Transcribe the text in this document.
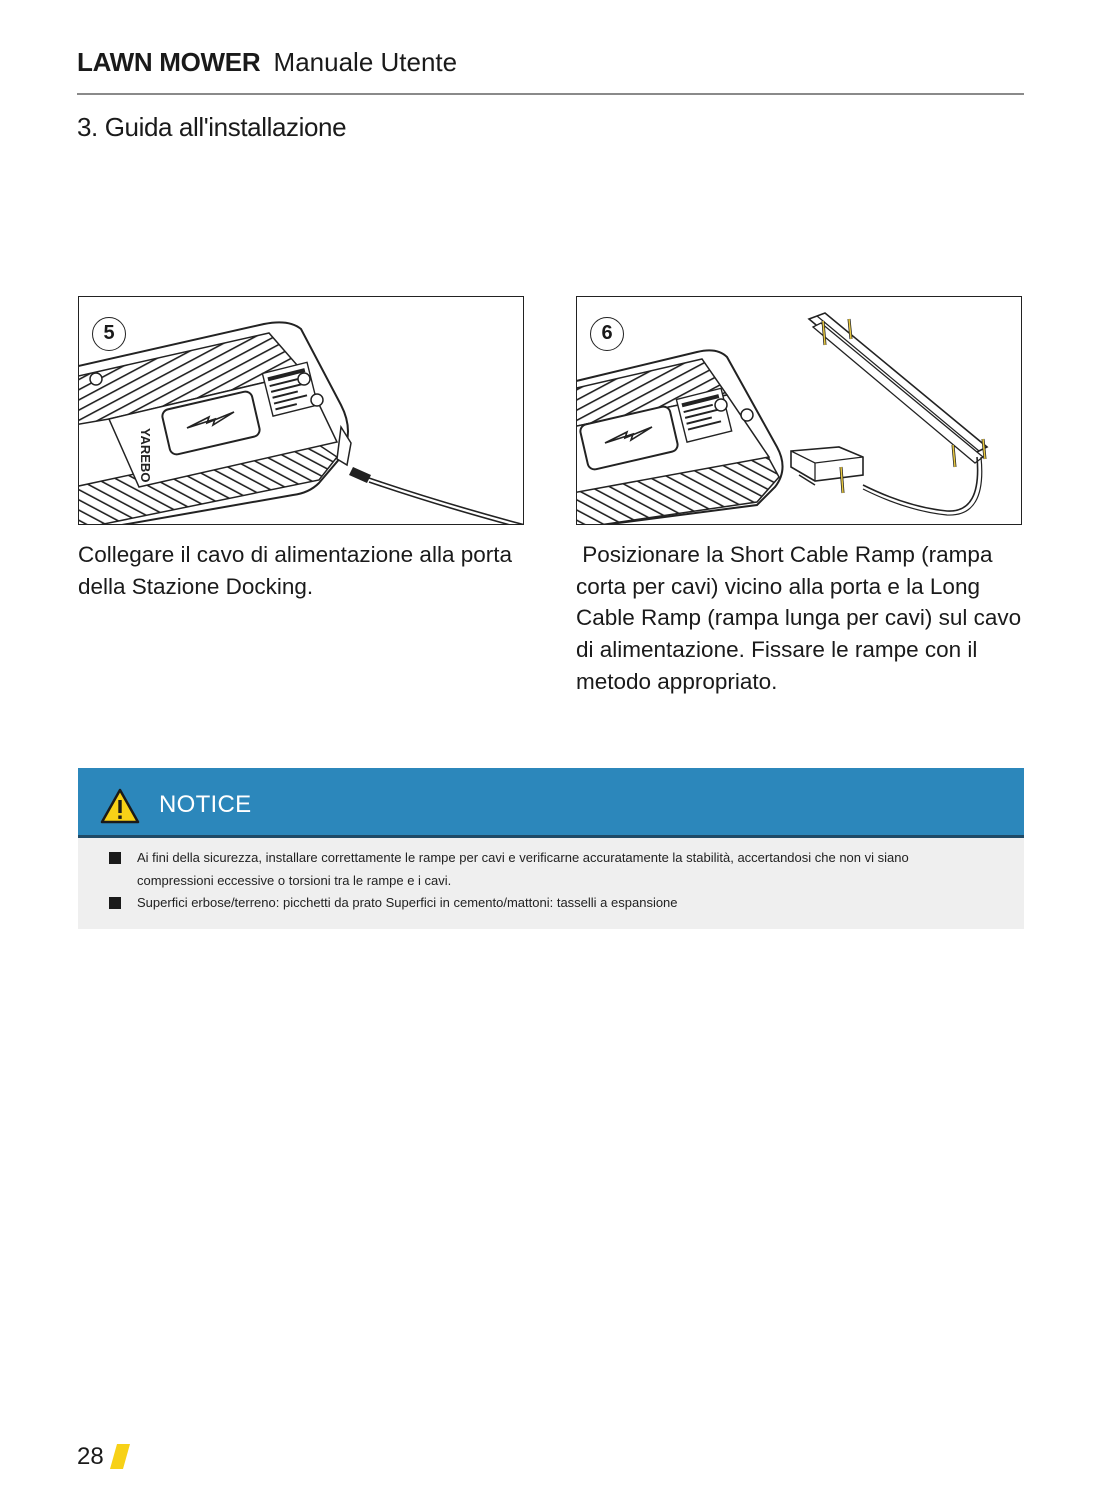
LAWN MOWER Manuale Utente
3. Guida all'installazione
YAREBO
5	6
Collegare il cavo di alimentazione alla porta della Stazione Docking.
Posizionare la Short Cable Ramp (rampa corta per cavi) vicino alla porta e la Long Cable Ramp (rampa lunga per cavi) sul cavo di alimentazione. Fissare le rampe con il metodo appropriato.
NOTICE
Ai fini della sicurezza, installare correttamente le rampe per cavi e verificarne accuratamente la stabilità, accertandosi che non vi siano compressioni eccessive o torsioni tra le rampe e i cavi.
Superfici erbose/terreno: picchetti da prato Superfici in cemento/mattoni: tasselli a espansione
28
